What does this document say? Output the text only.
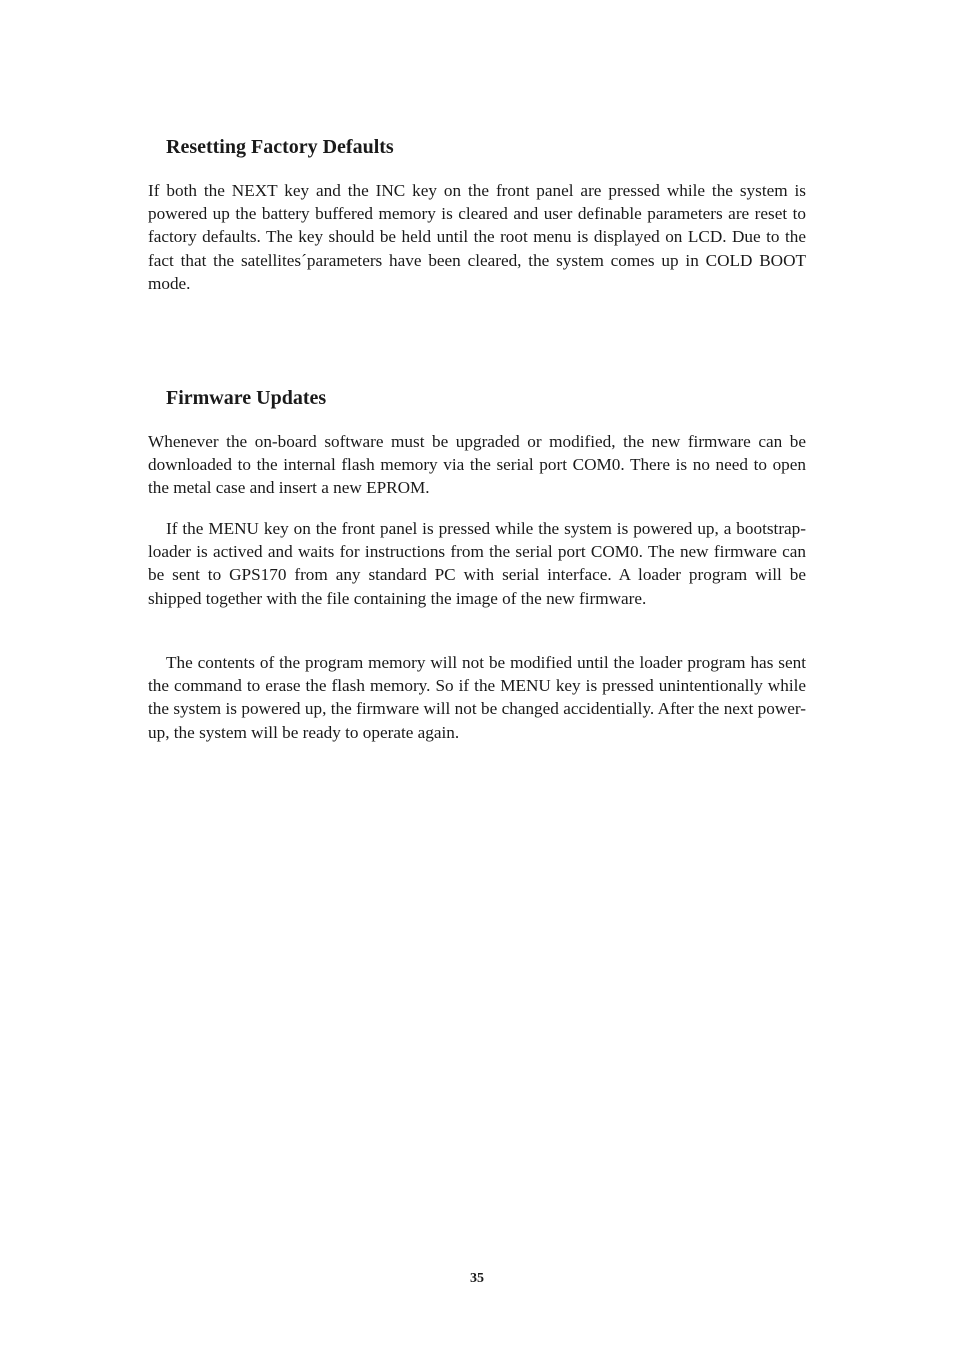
Resetting Factory Defaults

If both the NEXT key and the INC key on the front panel are pressed while the system is powered up the battery buffered memory is cleared and user definable parameters are reset to factory defaults. The key should be held until the root menu is displayed on LCD. Due to the fact that the satellites´parameters have been cleared, the system comes up in COLD BOOT mode.

Firmware Updates

Whenever the on-board software must be upgraded or modified, the new firmware can be downloaded to the internal flash memory via the serial port COM0. There is no need to open the metal case and insert a new EPROM.

If the MENU key on the front panel is pressed while the system is powered up, a bootstrap-loader is actived and waits for instructions from the serial port COM0. The new firmware can be sent to GPS170 from any standard PC with serial interface. A loader program will be shipped together with the file containing the image of the new firmware.

The contents of the program memory will not be modified until the loader program has sent the command to erase the flash memory. So if the MENU key is pressed unintentionally while the system is powered up, the firmware will not be changed accidentially. After the next power-up, the system will be ready to operate again.

35
